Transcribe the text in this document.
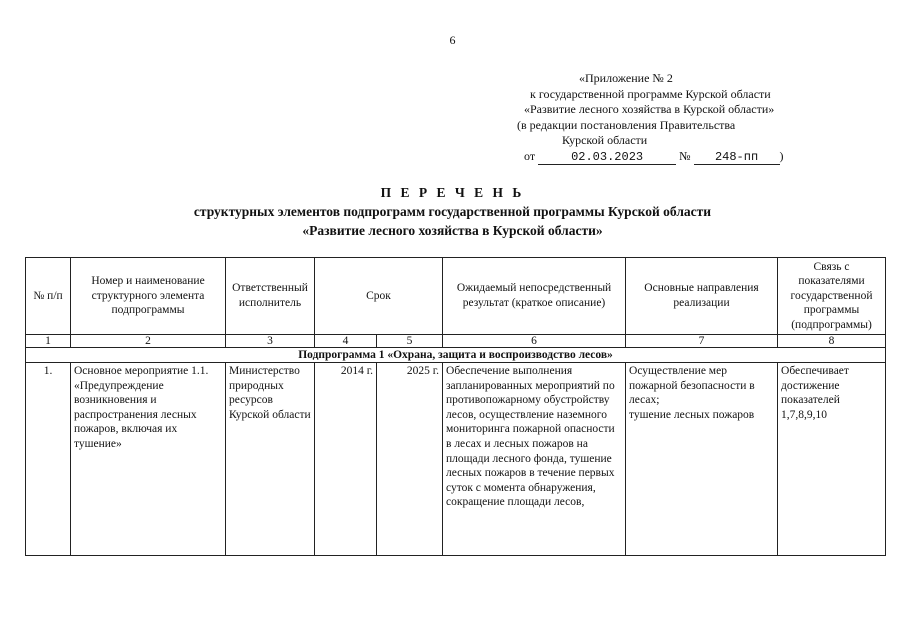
6
«Приложение № 2
к государственной программе Курской области
«Развитие лесного хозяйства в Курской области»
(в редакции постановления Правительства
Курской области
от	02.03.2023	№ 248-пп )
П Е Р Е Ч Е Н Ь
структурных элементов подпрограмм государственной программы Курской области
«Развитие лесного хозяйства в Курской области»
№ п/п	Номер и наименование структурного элемента подпрограммы	Ответственный исполнитель	Срок		Ожидаемый непосредственный результат (краткое описание)	Основные направления реализации	Связь с показателями государственной программы (подпрограммы)
1	2	3	4	5	6	7	8
Подпрограмма 1 «Охрана, защита и воспроизводство лесов»							
1.	Основное мероприятие 1.1. «Предупреждение возникновения и распространения лесных пожаров, включая их тушение»	Министерство природных ресурсов Курской области	2014 г.	2025 г.	Обеспечение выполнения запланированных мероприятий по противопожарному обустройству лесов, осуществление наземного мониторинга пожарной опасности в лесах и лесных пожаров на площади лесного фонда, тушение лесных пожаров в течение первых суток с момента обнаружения, сокращение площади лесов,	Осуществление мер пожарной безопасности в лесах;
тушение лесных пожаров	Обеспечивает достижение показателей 1,7,8,9,10
